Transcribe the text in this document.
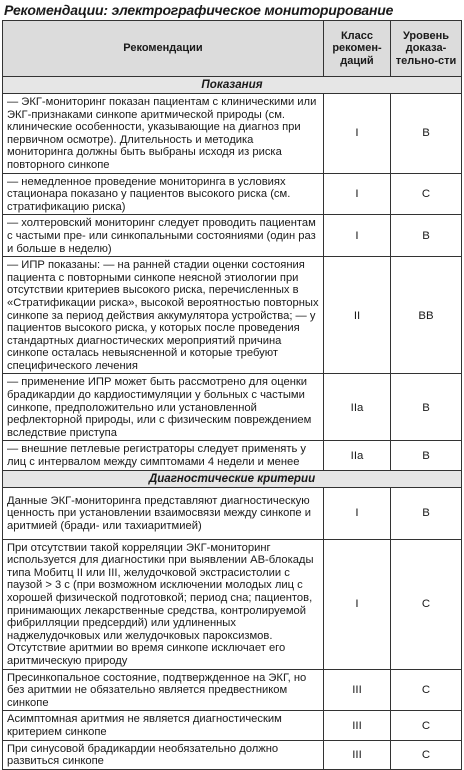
Рекомендации: электрографическое мониторирование
Рекомендации	Класс рекомен-даций	Уровень доказа-тельно-сти
Показания		
— ЭКГ-мониторинг показан пациентам с клиническими или ЭКГ-признаками синкопе аритмической природы (см. клинические особенности, указывающие на диагноз при первичном осмотре). Длительность и методика мониторинга должны быть выбраны исходя из риска повторного синкопе	I	B
— немедленное проведение мониторинга в условиях стационара показано у пациентов высокого риска (см. стратификацию риска)	I	C
— холтеровский мониторинг следует проводить пациентам с частыми пре- или синкопальными состояниями (один раз и больше в неделю)	I	B
— ИПР показаны: — на ранней стадии оценки состояния пациента с повторными синкопе неясной этиологии при отсутствии критериев высокого риска, перечисленных в «Стратификации риска», высокой вероятностью повторных синкопе за период действия аккумулятора устройства; — у пациентов высокого риска, у которых после проведения стандартных диагностических мероприятий причина синкопе осталась невыясненной и которые требуют специфического лечения	II	BB
— применение ИПР может быть рассмотрено для оценки брадикардии до кардиостимуляции у больных с частыми синкопе, предположительно или установленной рефлекторной природы, или с физическим повреждением вследствие приступа	IIa	B
— внешние петлевые регистраторы следует применять у лиц с интервалом между симптомами 4 недели и менее	IIa	B
Диагностические критерии		
Данные ЭКГ-мониторинга представляют диагностическую ценность при установлении взаимосвязи между синкопе и аритмией (бради- или тахиаритмией)	I	B
При отсутствии такой корреляции ЭКГ-мониторинг используется для диагностики при выявлении АВ-блокады типа Мобитц II или III, желудочковой экстрасистолии с паузой > 3 с (при возможном исключении молодых лиц с хорошей физической подготовкой; период сна; пациентов, принимающих лекарственные средства, контролируемой фибрилляции предсердий) или удлиненных наджелудочковых или желудочковых пароксизмов. Отсутствие аритмии во время синкопе исключает его аритмическую природу	I	C
Пресинкопальное состояние, подтвержденное на ЭКГ, но без аритмии не обязательно является предвестником синкопе	III	C
Асимптомная аритмия не является диагностическим критерием синкопе	III	C
При синусовой брадикардии необязательно должно развиться синкопе	III	C
